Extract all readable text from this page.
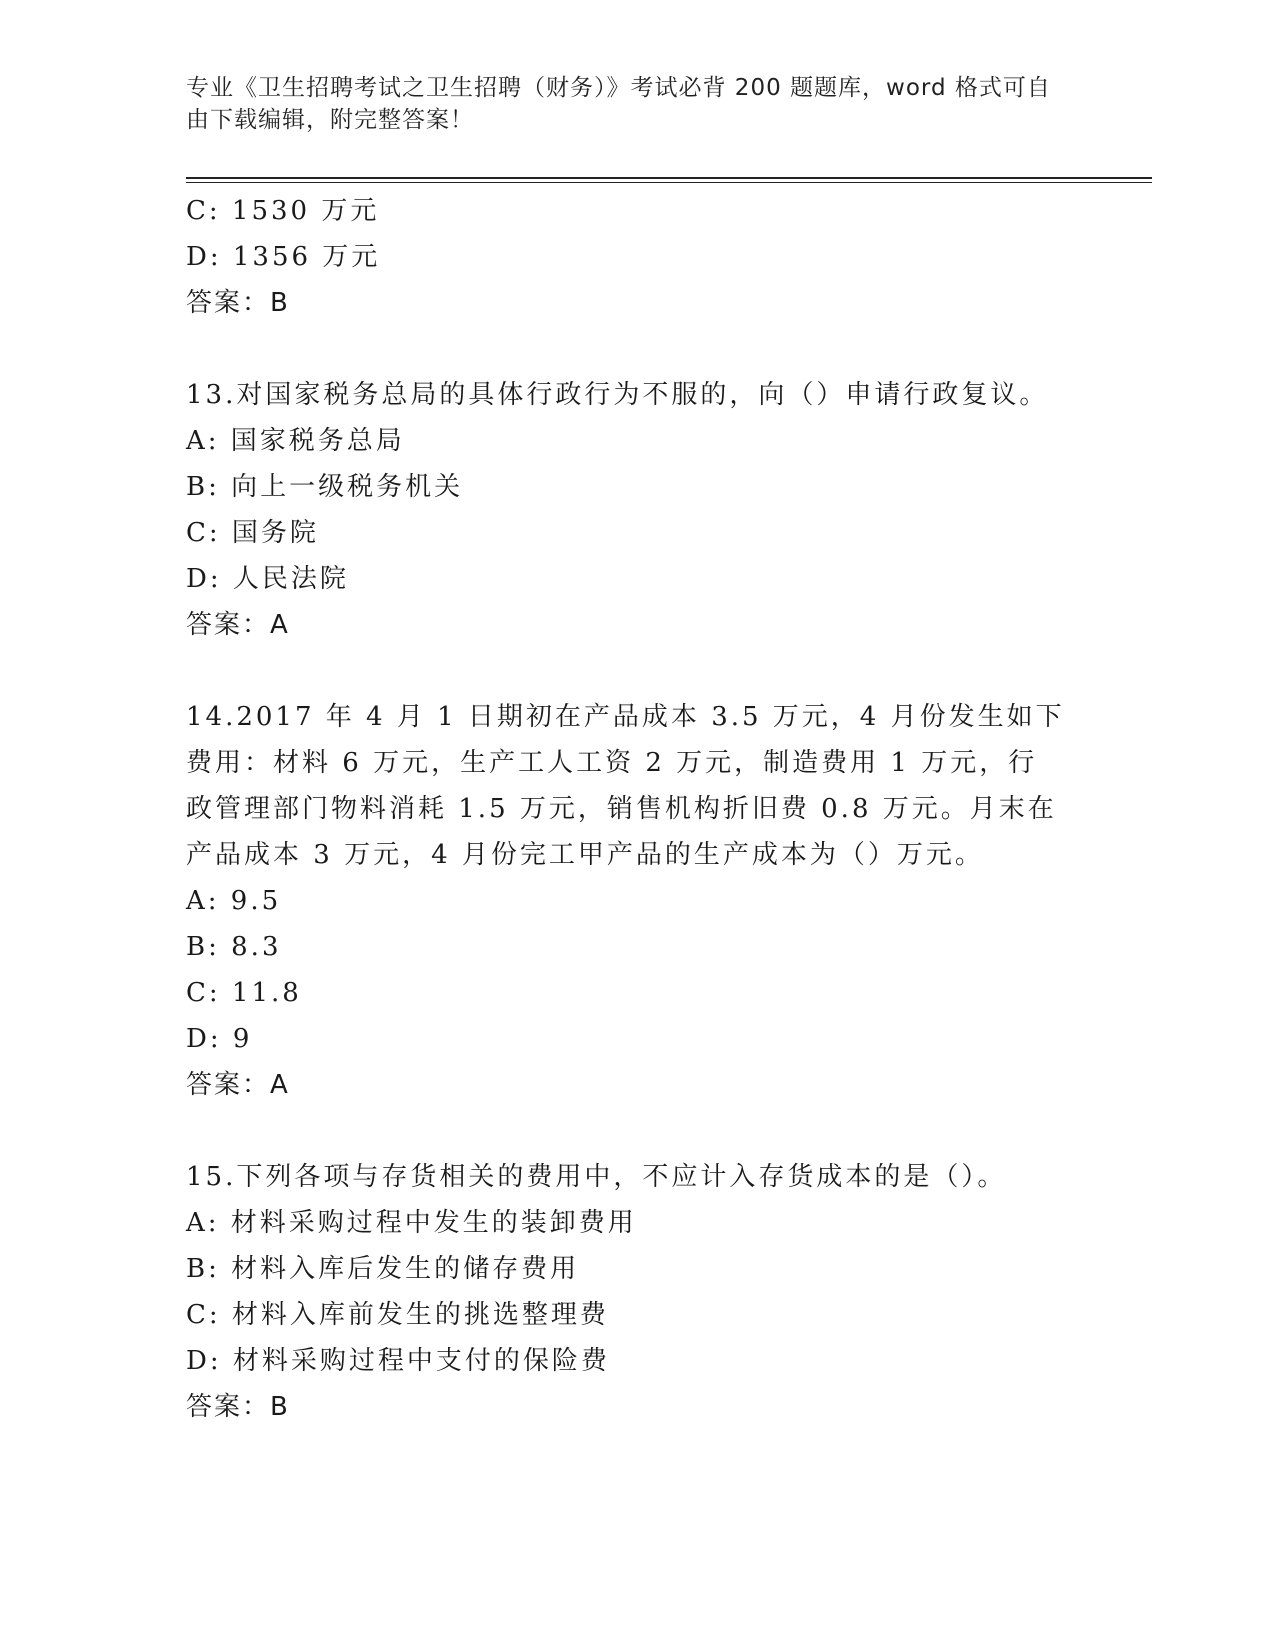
专业《卫生招聘考试之卫生招聘（财务）》考试必背 200 题题库，word 格式可自由下载编辑，附完整答案！
C: 1530 万元
D: 1356 万元
答案：B
13.对国家税务总局的具体行政行为不服的，向（）申请行政复议。
A: 国家税务总局
B: 向上一级税务机关
C: 国务院
D: 人民法院
答案：A
14.2017 年 4 月 1 日期初在产品成本 3.5 万元，4 月份发生如下费用：材料 6 万元，生产工人工资 2 万元，制造费用 1 万元，行政管理部门物料消耗 1.5 万元，销售机构折旧费 0.8 万元。月末在产品成本 3 万元，4 月份完工甲产品的生产成本为（）万元。
A: 9.5
B: 8.3
C: 11.8
D: 9
答案：A
15.下列各项与存货相关的费用中，不应计入存货成本的是（）。
A: 材料采购过程中发生的装卸费用
B: 材料入库后发生的储存费用
C: 材料入库前发生的挑选整理费
D: 材料采购过程中支付的保险费
答案：B
